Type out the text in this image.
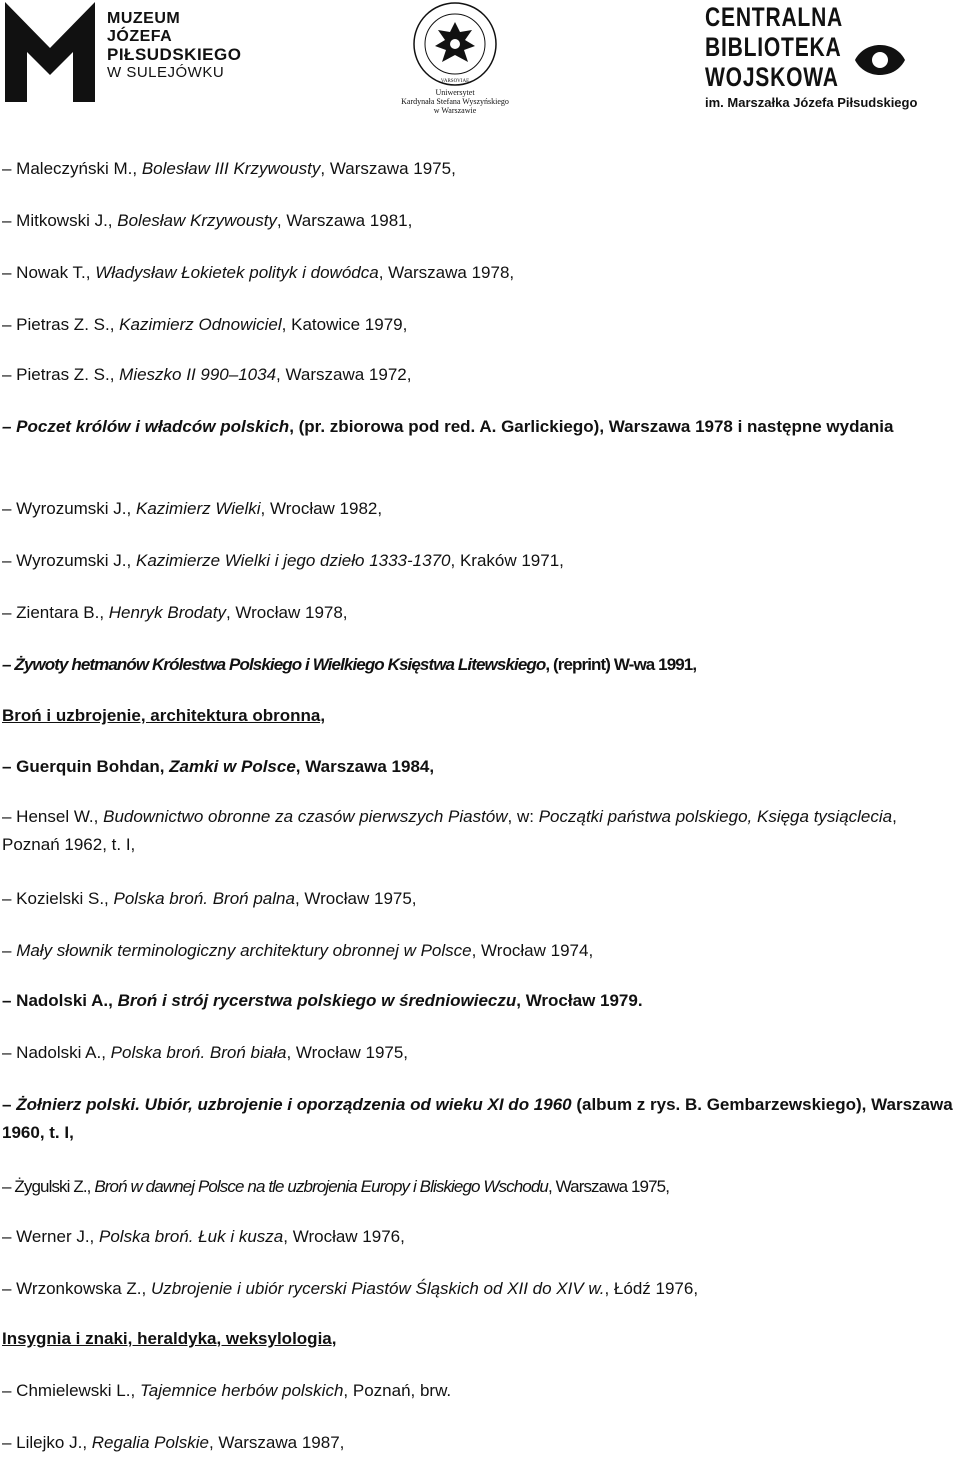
MUZEUM
JÓZEFA
PIŁSUDSKIEGO
W SULEJÓWKU
VARSOVIAE
Uniwersytet
Kardynała Stefana Wyszyńskiego
w Warszawie
CENTRALNA
BIBLIOTEKA
WOJSKOWA
im. Marszałka Józefa Piłsudskiego
– Maleczyński M., Bolesław III Krzywousty, Warszawa 1975,
– Mitkowski J., Bolesław Krzywousty, Warszawa 1981,
– Nowak T., Władysław Łokietek polityk i dowódca, Warszawa 1978,
– Pietras Z. S., Kazimierz Odnowiciel, Katowice 1979,
– Pietras Z. S., Mieszko II 990–1034, Warszawa 1972,
– Poczet królów i władców polskich, (pr. zbiorowa pod red. A. Garlickiego), Warszawa 1978 i następne wydania
– Wyrozumski J., Kazimierz Wielki, Wrocław 1982,
– Wyrozumski J., Kazimierze Wielki i jego dzieło 1333-1370, Kraków 1971,
– Zientara B., Henryk Brodaty, Wrocław 1978,
– Żywoty hetmanów Królestwa Polskiego i Wielkiego Księstwa Litewskiego, (reprint) W-wa 1991,
Broń i uzbrojenie, architektura obronna,
– Guerquin Bohdan, Zamki w Polsce, Warszawa 1984,
– Hensel W., Budownictwo obronne za czasów pierwszych Piastów, w: Początki państwa polskiego, Księga tysiąclecia, Poznań 1962, t. I,
– Kozielski S., Polska broń. Broń palna, Wrocław 1975,
– Mały słownik terminologiczny architektury obronnej w Polsce, Wrocław 1974,
– Nadolski A., Broń i strój rycerstwa polskiego w średniowieczu, Wrocław 1979.
– Nadolski A., Polska broń. Broń biała, Wrocław 1975,
– Żołnierz polski. Ubiór, uzbrojenie i oporządzenia od wieku XI do 1960 (album z rys. B. Gembarzewskiego), Warszawa 1960, t. I,
– Żygulski Z., Broń w dawnej Polsce na tle uzbrojenia Europy i Bliskiego Wschodu, Warszawa 1975,
– Werner J., Polska broń. Łuk i kusza, Wrocław 1976,
– Wrzonkowska Z., Uzbrojenie i ubiór rycerski Piastów Śląskich od XII do XIV w., Łódź 1976,
Insygnia i znaki, heraldyka, weksylologia,
– Chmielewski L., Tajemnice herbów polskich, Poznań, brw.
– Lilejko J., Regalia Polskie, Warszawa 1987,
